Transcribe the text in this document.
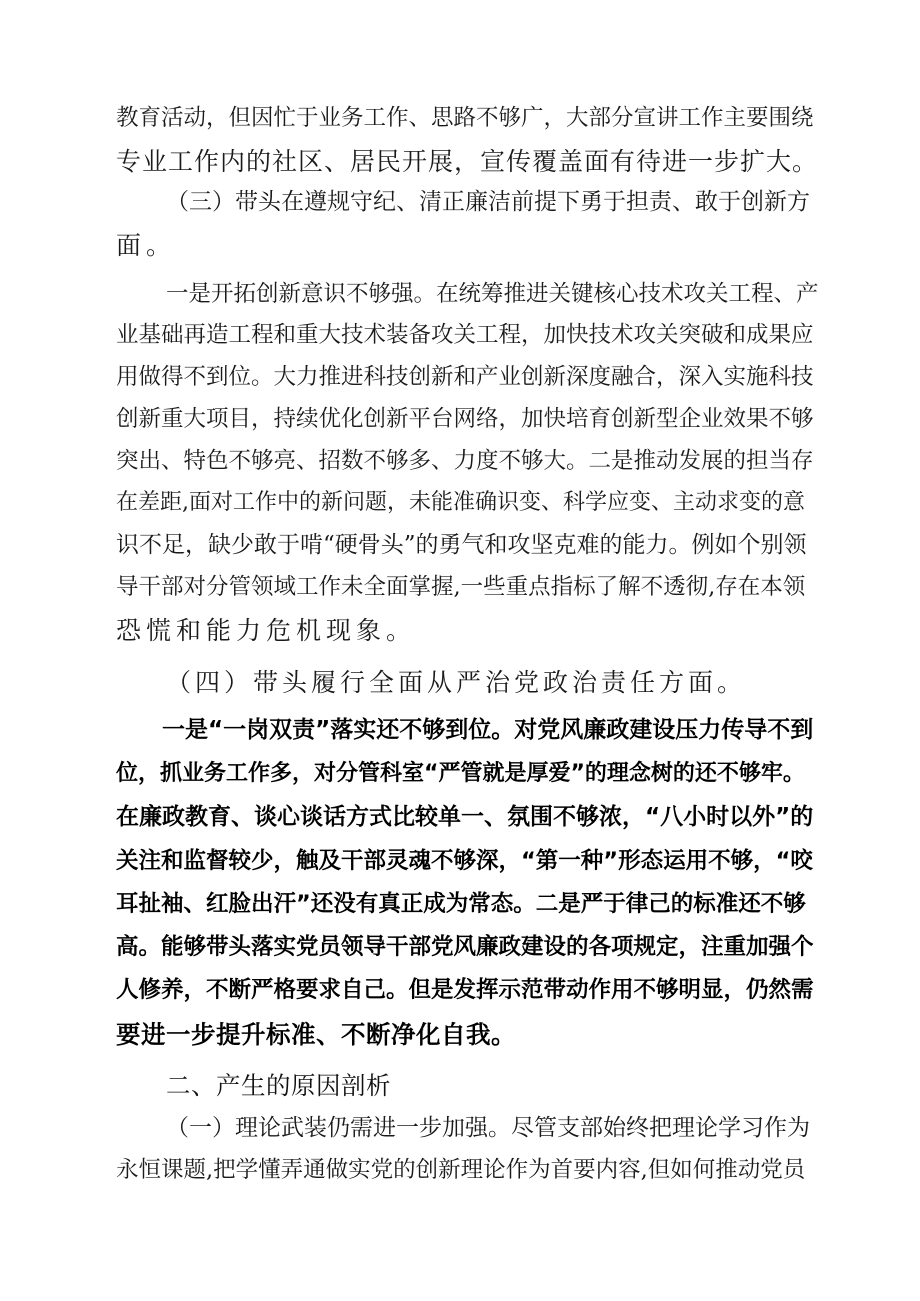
教育活动，但因忙于业务工作、思路不够广，大部分宣讲工作主要围绕
专业工作内的社区、居民开展，宣传覆盖面有待进一步扩大。
（三）带头在遵规守纪、清正廉洁前提下勇于担责、敢于创新方
面。
一是开拓创新意识不够强。在统筹推进关键核心技术攻关工程、产
业基础再造工程和重大技术装备攻关工程，加快技术攻关突破和成果应
用做得不到位。大力推进科技创新和产业创新深度融合，深入实施科技
创新重大项目，持续优化创新平台网络，加快培育创新型企业效果不够
突出、特色不够亮、招数不够多、力度不够大。二是推动发展的担当存
在差距,面对工作中的新问题，未能准确识变、科学应变、主动求变的意
识不足，缺少敢于啃“硬骨头”的勇气和攻坚克难的能力。例如个别领
导干部对分管领域工作未全面掌握,一些重点指标了解不透彻,存在本领
恐慌和能力危机现象。
（四）带头履行全面从严治党政治责任方面。
一是“一岗双责”落实还不够到位。对党风廉政建设压力传导不到
位，抓业务工作多，对分管科室“严管就是厚爱”的理念树的还不够牢。
在廉政教育、谈心谈话方式比较单一、氛围不够浓，“八小时以外”的
关注和监督较少，触及干部灵魂不够深，“第一种”形态运用不够，“咬
耳扯袖、红脸出汗”还没有真正成为常态。二是严于律己的标准还不够
高。能够带头落实党员领导干部党风廉政建设的各项规定，注重加强个
人修养，不断严格要求自己。但是发挥示范带动作用不够明显，仍然需
要进一步提升标准、不断净化自我。
二、产生的原因剖析
（一）理论武装仍需进一步加强。尽管支部始终把理论学习作为
永恒课题,把学懂弄通做实党的创新理论作为首要内容,但如何推动党员
